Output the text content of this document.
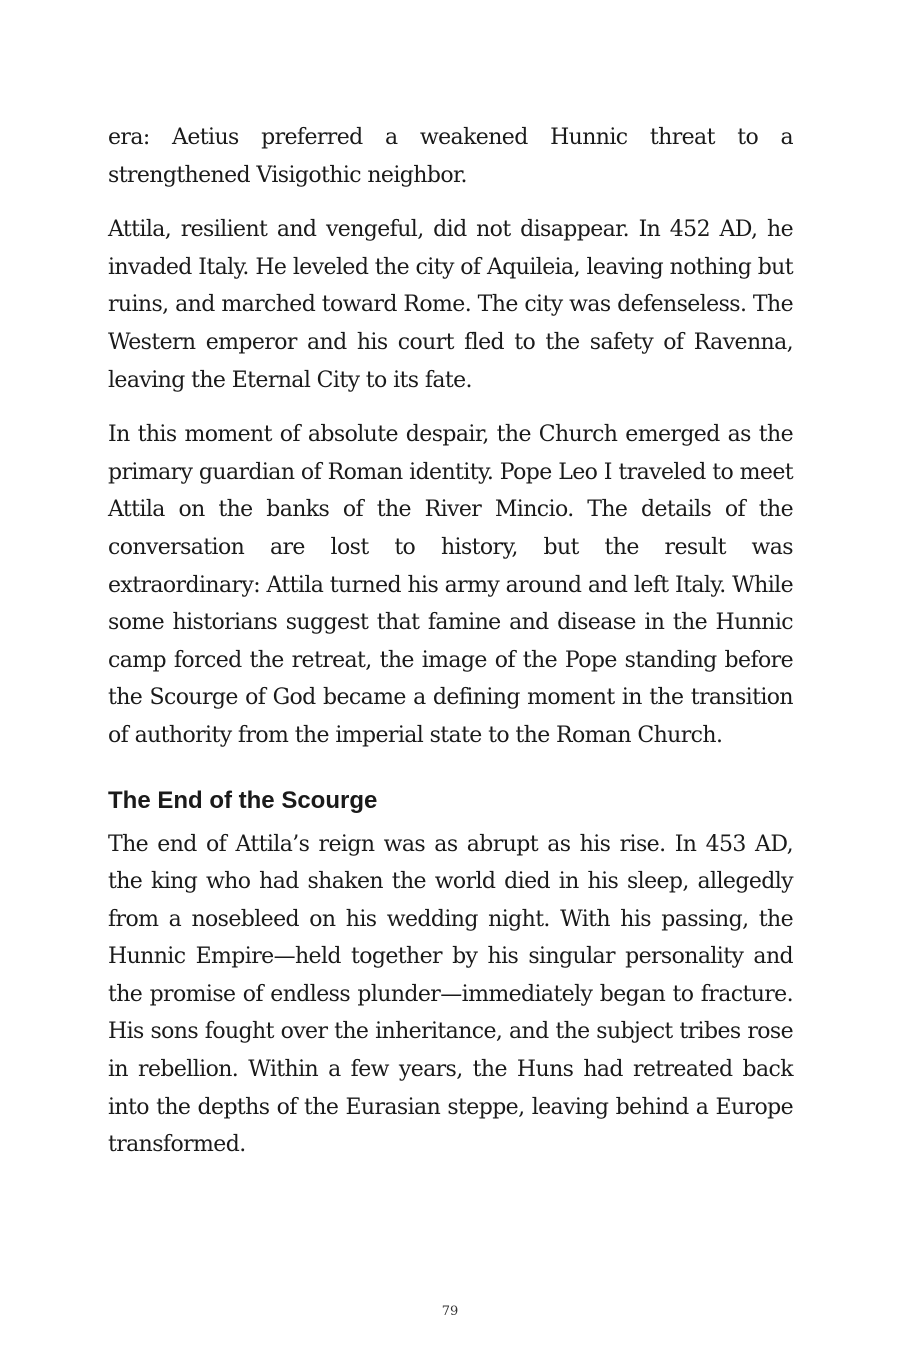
era: Aetius preferred a weakened Hunnic threat to a strengthened Visigothic neighbor.

Attila, resilient and vengeful, did not disappear. In 452 AD, he invaded Italy. He leveled the city of Aquileia, leaving nothing but ruins, and marched toward Rome. The city was defenseless. The Western emperor and his court fled to the safety of Ravenna, leaving the Eternal City to its fate.

In this moment of absolute despair, the Church emerged as the primary guardian of Roman identity. Pope Leo I traveled to meet Attila on the banks of the River Mincio. The details of the conversation are lost to history, but the result was extraordinary: Attila turned his army around and left Italy. While some historians suggest that famine and disease in the Hunnic camp forced the retreat, the image of the Pope standing before the Scourge of God became a defining moment in the transition of authority from the imperial state to the Roman Church.

The End of the Scourge

The end of Attila’s reign was as abrupt as his rise. In 453 AD, the king who had shaken the world died in his sleep, allegedly from a nosebleed on his wedding night. With his passing, the Hunnic Empire—held together by his singular personality and the promise of endless plunder—immediately began to fracture. His sons fought over the inheritance, and the subject tribes rose in rebellion. Within a few years, the Huns had retreated back into the depths of the Eurasian steppe, leaving behind a Europe transformed.

79
